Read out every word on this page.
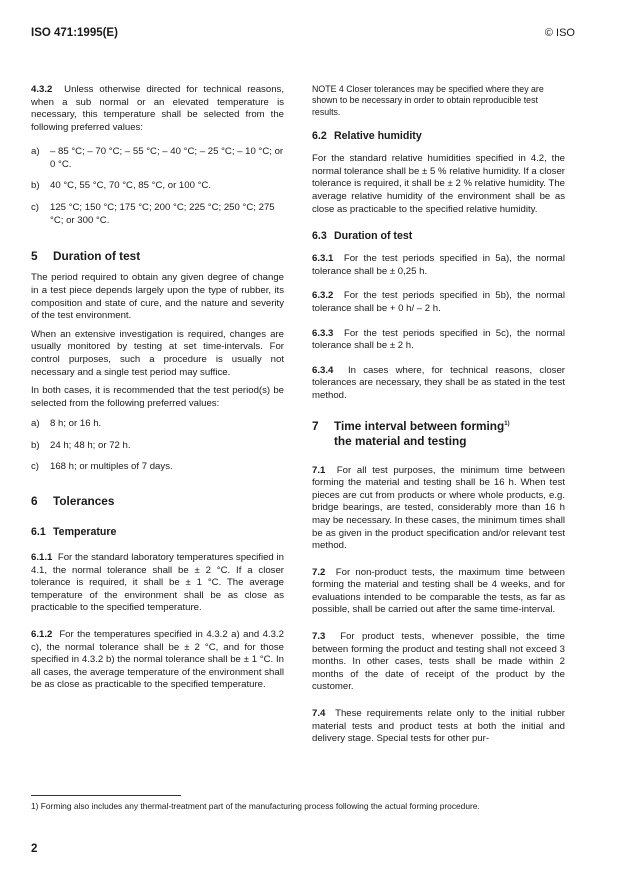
ISO 471:1995(E)	© ISO

4.3.2 Unless otherwise directed for technical reasons, when a sub normal or an elevated temperature is necessary, this temperature shall be selected from the following preferred values:

a)	– 85 °C; – 70 °C; – 55 °C; – 40 °C; – 25 °C; – 10 °C; or 0 °C.
b)	40 °C, 55 °C, 70 °C, 85 °C, or 100 °C.
c)	125 °C; 150 °C; 175 °C; 200 °C; 225 °C; 250 °C; 275 °C; or 300 °C.
5 Duration of test

The period required to obtain any given degree of change in a test piece depends largely upon the type of rubber, its composition and state of cure, and the nature and severity of the test environment.

When an extensive investigation is required, changes are usually monitored by testing at set time-intervals. For control purposes, such a procedure is usually not necessary and a single test period may suffice.

In both cases, it is recommended that the test period(s) be selected from the following preferred values:

a)	8 h; or 16 h.
b)	24 h; 48 h; or 72 h.
c)	168 h; or multiples of 7 days.
6 Tolerances
6.1 Temperature

6.1.1 For the standard laboratory temperatures specified in 4.1, the normal tolerance shall be ± 2 °C. If a closer tolerance is required, it shall be ± 1 °C. The average temperature of the environment shall be as close as practicable to the specified temperature.

6.1.2 For the temperatures specified in 4.3.2 a) and 4.3.2 c), the normal tolerance shall be ± 2 °C, and for those specified in 4.3.2 b) the normal tolerance shall be ± 1 °C. In all cases, the average temperature of the environment shall be as close as practicable to the specified temperature.

NOTE 4 Closer tolerances may be specified where they are shown to be necessary in order to obtain reproducible test results.

6.2 Relative humidity

For the standard relative humidities specified in 4.2, the normal tolerance shall be ± 5 % relative humidity. If a closer tolerance is required, it shall be ± 2 % relative humidity. The average relative humidity of the environment shall be as close as practicable to the specified relative humidity.

6.3 Duration of test

6.3.1 For the test periods specified in 5a), the normal tolerance shall be ± 0,25 h.

6.3.2 For the test periods specified in 5b), the normal tolerance shall be + 0 h/ – 2 h.

6.3.3 For the test periods specified in 5c), the normal tolerance shall be ± 2 h.

6.3.4 In cases where, for technical reasons, closer tolerances are necessary, they shall be as stated in the test method.

7 Time interval between forming$^{1)}$
the material and testing

7.1 For all test purposes, the minimum time between forming the material and testing shall be 16 h. When test pieces are cut from products or where whole products, e.g. bridge bearings, are tested, considerably more than 16 h may be necessary. In these cases, the minimum times shall be as given in the product specification and/or relevant test method.

7.2 For non-product tests, the maximum time between forming the material and testing shall be 4 weeks, and for evaluations intended to be comparable the tests, as far as possible, shall be carried out after the same time-interval.

7.3 For product tests, whenever possible, the time between forming the product and testing shall not exceed 3 months. In other cases, tests shall be made within 2 months of the date of receipt of the product by the customer.

7.4 These requirements relate only to the initial rubber material tests and product tests at both the initial and delivery stage. Special tests for other pur-

1) Forming also includes any thermal-treatment part of the manufacturing process following the actual forming procedure.
2
